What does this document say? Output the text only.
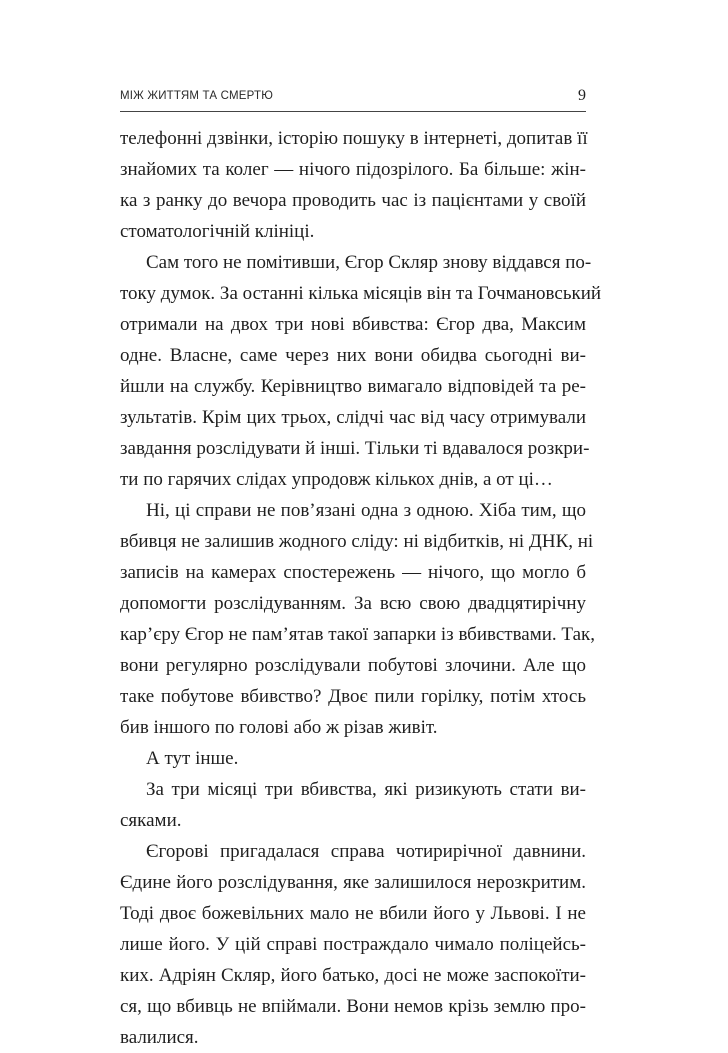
МІЖ ЖИТТЯМ ТА СМЕРТЮ	9

телефонні дзвінки, історію пошуку в інтернеті, допитав її
знайомих та колег — нічого підозрілого. Ба більше: жін-
ка з ранку до вечора проводить час із пацієнтами у своїй
стоматологічній клініці.

Сам того не помітивши, Єгор Скляр знову віддався по-
току думок. За останні кілька місяців він та Гочмановський
отримали на двох три нові вбивства: Єгор два, Максим
одне. Власне, саме через них вони обидва сьогодні ви-
йшли на службу. Керівництво вимагало відповідей та ре-
зультатів. Крім цих трьох, слідчі час від часу отримували
завдання розслідувати й інші. Тільки ті вдавалося розкри-
ти по гарячих слідах упродовж кількох днів, а от ці…

Ні, ці справи не пов’язані одна з одною. Хіба тим, що
вбивця не залишив жодного сліду: ні відбитків, ні ДНК, ні
записів на камерах спостережень — нічого, що могло б
допомогти розслідуванням. За всю свою двадцятирічну
кар’єру Єгор не пам’ятав такої запарки із вбивствами. Так,
вони регулярно розслідували побутові злочини. Але що
таке побутове вбивство? Двоє пили горілку, потім хтось
бив іншого по голові або ж різав живіт.

А тут інше.

За три місяці три вбивства, які ризикують стати ви-
сяками.

Єгорові пригадалася справа чотирирічної давнини.
Єдине його розслідування, яке залишилося нерозкритим.
Тоді двоє божевільних мало не вбили його у Львові. І не
лише його. У цій справі постраждало чимало поліцейсь-
ких. Адріян Скляр, його батько, досі не може заспокоїти-
ся, що вбивць не впіймали. Вони немов крізь землю про-
валилися.
